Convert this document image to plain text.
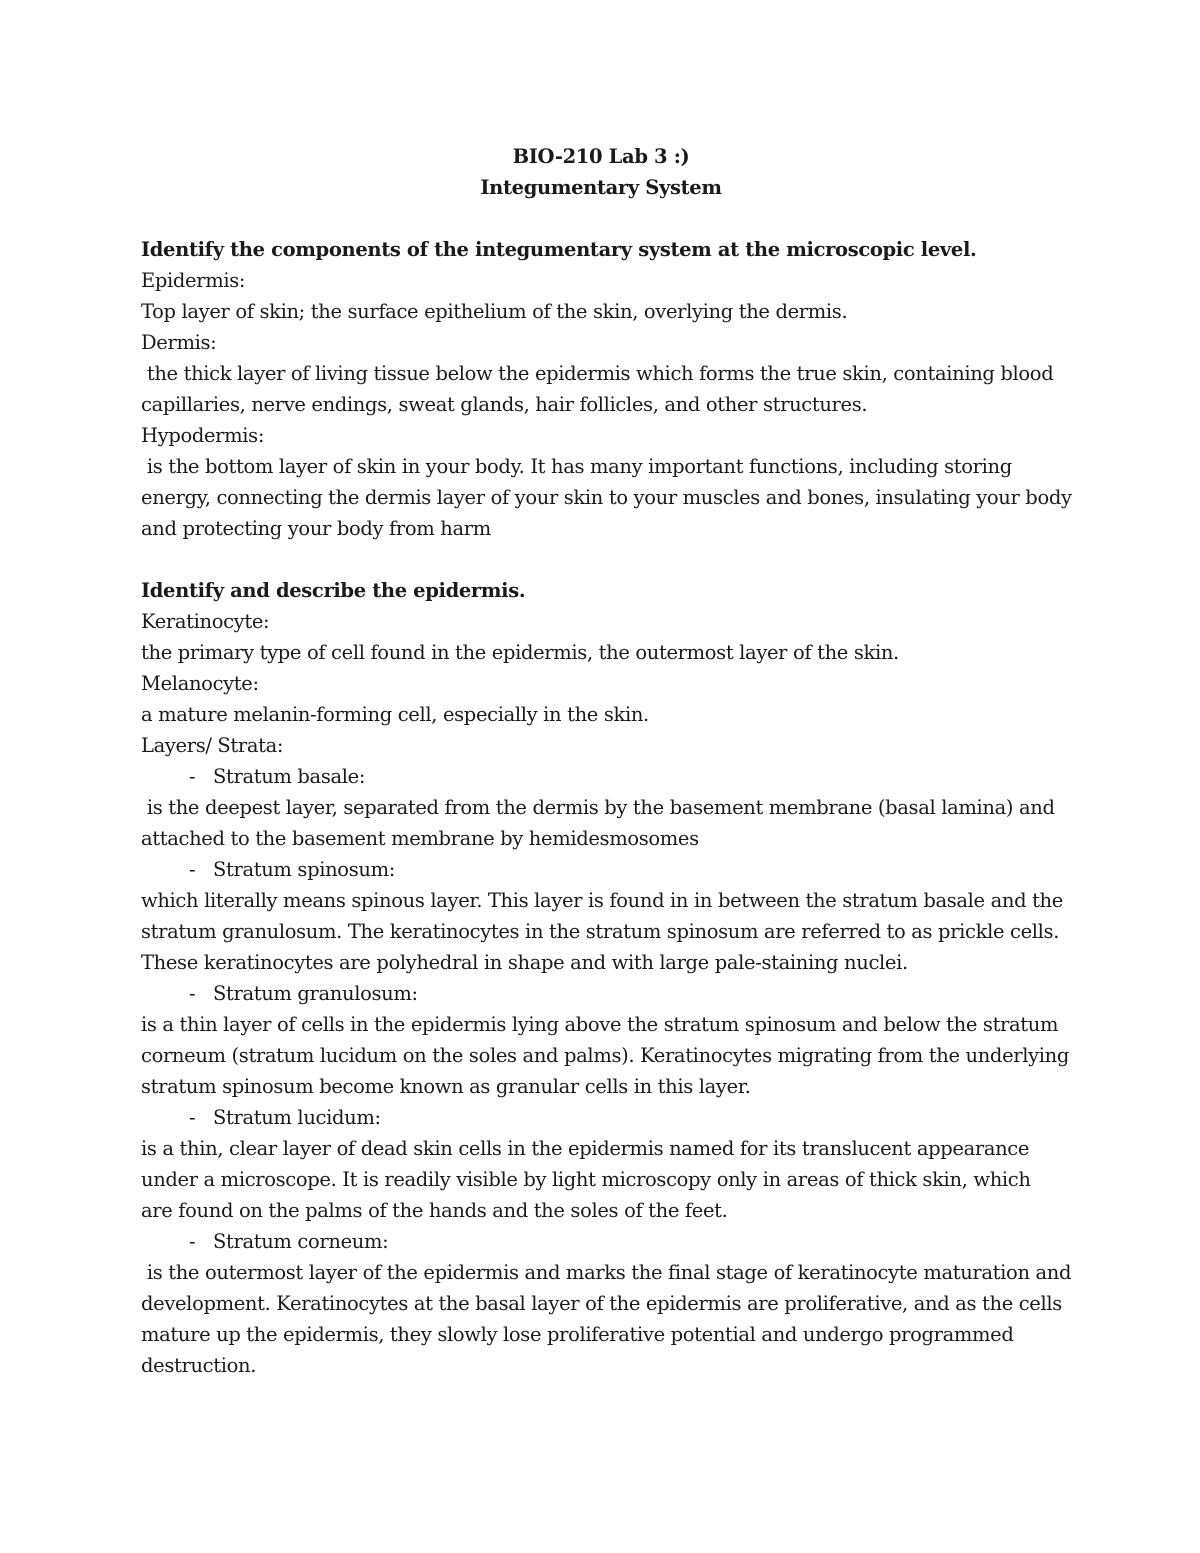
BIO-210 Lab 3 :)
Integumentary System
Identify the components of the integumentary system at the microscopic level.
Epidermis:
Top layer of skin; the surface epithelium of the skin, overlying the dermis.
Dermis:
the thick layer of living tissue below the epidermis which forms the true skin, containing blood
capillaries, nerve endings, sweat glands, hair follicles, and other structures.
Hypodermis:
is the bottom layer of skin in your body. It has many important functions, including storing
energy, connecting the dermis layer of your skin to your muscles and bones, insulating your body
and protecting your body from harm
Identify and describe the epidermis.
Keratinocyte:
the primary type of cell found in the epidermis, the outermost layer of the skin.
Melanocyte:
a mature melanin-forming cell, especially in the skin.
Layers/ Strata:
- Stratum basale:
is the deepest layer, separated from the dermis by the basement membrane (basal lamina) and
attached to the basement membrane by hemidesmosomes
- Stratum spinosum:
which literally means spinous layer. This layer is found in in between the stratum basale and the
stratum granulosum. The keratinocytes in the stratum spinosum are referred to as prickle cells.
These keratinocytes are polyhedral in shape and with large pale-staining nuclei.
- Stratum granulosum:
is a thin layer of cells in the epidermis lying above the stratum spinosum and below the stratum
corneum (stratum lucidum on the soles and palms). Keratinocytes migrating from the underlying
stratum spinosum become known as granular cells in this layer.
- Stratum lucidum:
is a thin, clear layer of dead skin cells in the epidermis named for its translucent appearance
under a microscope. It is readily visible by light microscopy only in areas of thick skin, which
are found on the palms of the hands and the soles of the feet.
- Stratum corneum:
is the outermost layer of the epidermis and marks the final stage of keratinocyte maturation and
development. Keratinocytes at the basal layer of the epidermis are proliferative, and as the cells
mature up the epidermis, they slowly lose proliferative potential and undergo programmed
destruction.
